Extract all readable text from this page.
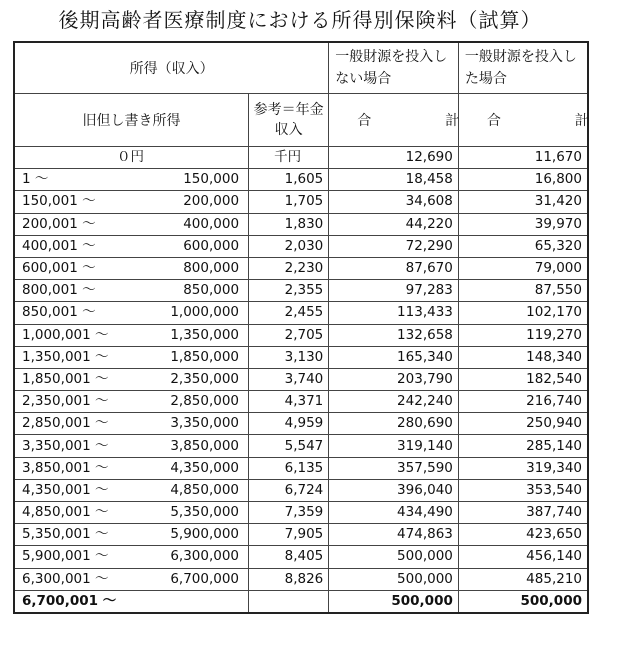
後期高齢者医療制度における所得別保険料（試算）
所得（収入）		一般財源を投入しない場合	一般財源を投入した場合
旧但し書き所得	参考＝年金収入	合　計	合　計

０円	千円	12,690	11,670

1 ～ 150,000	1,605	18,458	16,800

150,001 ～ 200,000	1,705	34,608	31,420

200,001 ～ 400,000	1,830	44,220	39,970

400,001 ～ 600,000	2,030	72,290	65,320

600,001 ～ 800,000	2,230	87,670	79,000

800,001 ～ 850,000	2,355	97,283	87,550

850,001 ～ 1,000,000	2,455	113,433	102,170

1,000,001 ～ 1,350,000	2,705	132,658	119,270

1,350,001 ～ 1,850,000	3,130	165,340	148,340

1,850,001 ～ 2,350,000	3,740	203,790	182,540

2,350,001 ～ 2,850,000	4,371	242,240	216,740

2,850,001 ～ 3,350,000	4,959	280,690	250,940

3,350,001 ～ 3,850,000	5,547	319,140	285,140

3,850,001 ～ 4,350,000	6,135	357,590	319,340

4,350,001 ～ 4,850,000	6,724	396,040	353,540

4,850,001 ～ 5,350,000	7,359	434,490	387,740

5,350,001 ～ 5,900,000	7,905	474,863	423,650

5,900,001 ～ 6,300,000	8,405	500,000	456,140

6,300,001 ～ 6,700,000	8,826	500,000	485,210

6,700,001 ～		500,000	500,000
